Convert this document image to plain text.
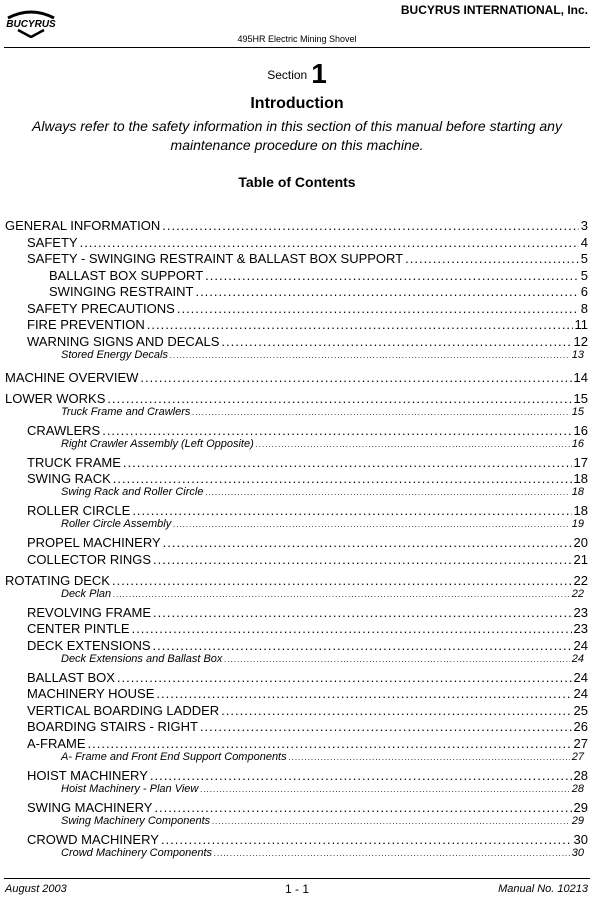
BUCYRUS
BUCYRUS INTERNATIONAL, Inc.
495HR Electric Mining Shovel
Section 1
Introduction
Always refer to the safety information in this section of this manual before starting any maintenance procedure on this machine.
Table of Contents
GENERAL INFORMATION .....	3
SAFETY .....	4
SAFETY - SWINGING RESTRAINT & BALLAST BOX SUPPORT .....	5
BALLAST BOX SUPPORT .....	5
SWINGING RESTRAINT .....	6
SAFETY PRECAUTIONS .....	8
FIRE PREVENTION .....	11
WARNING SIGNS AND DECALS .....	12
Stored Energy Decals .....	13
MACHINE OVERVIEW .....	14
LOWER WORKS .....	15
Truck Frame and Crawlers .....	15
CRAWLERS .....	16
Right Crawler Assembly (Left Opposite) .....	16
TRUCK FRAME .....	17
SWING RACK .....	18
Swing Rack and Roller Circle .....	18
ROLLER CIRCLE .....	18
Roller Circle Assembly .....	19
PROPEL MACHINERY .....	20
COLLECTOR RINGS .....	21
ROTATING DECK .....	22
Deck Plan .....	22
REVOLVING FRAME .....	23
CENTER PINTLE .....	23
DECK EXTENSIONS .....	24
Deck Extensions and Ballast Box .....	24
BALLAST BOX .....	24
MACHINERY HOUSE .....	24
VERTICAL BOARDING LADDER .....	25
BOARDING STAIRS - RIGHT .....	26
A-FRAME .....	27
A- Frame and Front End Support Components .....	27
HOIST MACHINERY .....	28
Hoist Machinery - Plan View .....	28
SWING MACHINERY .....	29
Swing Machinery Components .....	29
CROWD MACHINERY .....	30
Crowd Machinery Components .....	30
August 2003	1 - 1	Manual No. 10213
